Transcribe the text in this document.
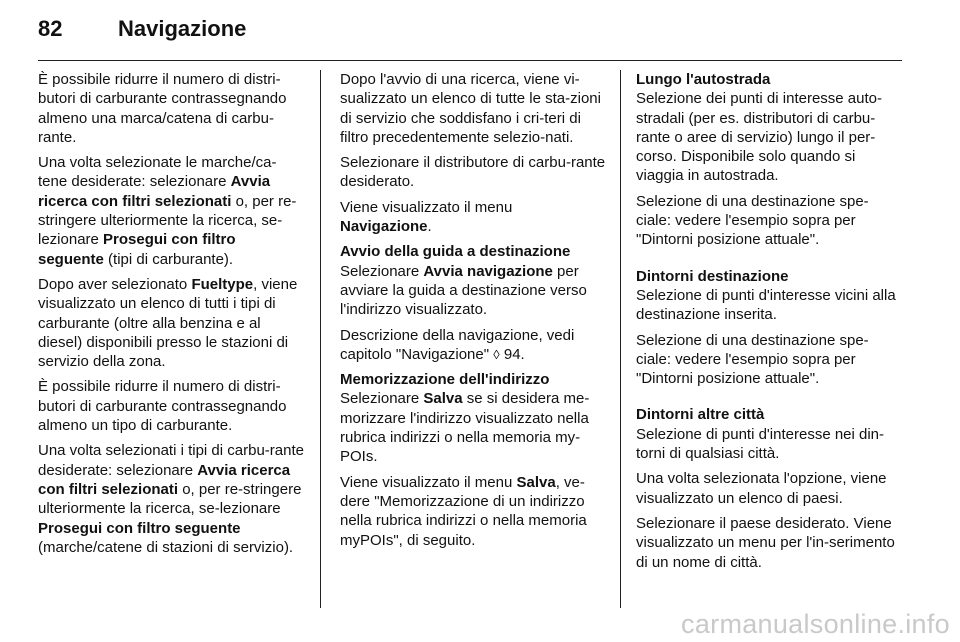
82	Navigazione

È possibile ridurre il numero di distri-butori di carburante contrassegnando almeno una marca/catena di carbu-rante.

Una volta selezionate le marche/ca-tene desiderate: selezionare Avvia ricerca con filtri selezionati o, per re-stringere ulteriormente la ricerca, se-lezionare Prosegui con filtro seguente (tipi di carburante).

Dopo aver selezionato Fueltype, viene visualizzato un elenco di tutti i tipi di carburante (oltre alla benzina e al diesel) disponibili presso le stazioni di servizio della zona.

È possibile ridurre il numero di distri-butori di carburante contrassegnando almeno un tipo di carburante.

Una volta selezionati i tipi di carbu-rante desiderate: selezionare Avvia ricerca con filtri selezionati o, per re-stringere ulteriormente la ricerca, se-lezionare Prosegui con filtro seguente (marche/catene di stazioni di servizio).

Dopo l'avvio di una ricerca, viene vi-sualizzato un elenco di tutte le sta-zioni di servizio che soddisfano i cri-teri di filtro precedentemente selezio-nati.

Selezionare il distributore di carbu-rante desiderato.

Viene visualizzato il menu Navigazione.

Avvio della guida a destinazione
Selezionare Avvia navigazione per avviare la guida a destinazione verso l'indirizzo visualizzato.

Descrizione della navigazione, vedi capitolo "Navigazione" ◊ 94.

Memorizzazione dell'indirizzo
Selezionare Salva se si desidera me-morizzare l'indirizzo visualizzato nella rubrica indirizzi o nella memoria my-POIs.

Viene visualizzato il menu Salva, ve-dere "Memorizzazione di un indirizzo nella rubrica indirizzi o nella memoria myPOIs", di seguito.

Lungo l'autostrada
Selezione dei punti di interesse auto-stradali (per es. distributori di carbu-rante o aree di servizio) lungo il per-corso. Disponibile solo quando si viaggia in autostrada.

Selezione di una destinazione spe-ciale: vedere l'esempio sopra per "Dintorni posizione attuale".

Dintorni destinazione
Selezione di punti d'interesse vicini alla destinazione inserita.

Selezione di una destinazione spe-ciale: vedere l'esempio sopra per "Dintorni posizione attuale".

Dintorni altre città
Selezione di punti d'interesse nei din-torni di qualsiasi città.

Una volta selezionata l'opzione, viene visualizzato un elenco di paesi.

Selezionare il paese desiderato. Viene visualizzato un menu per l'in-serimento di un nome di città.

carmanualsonline.info
